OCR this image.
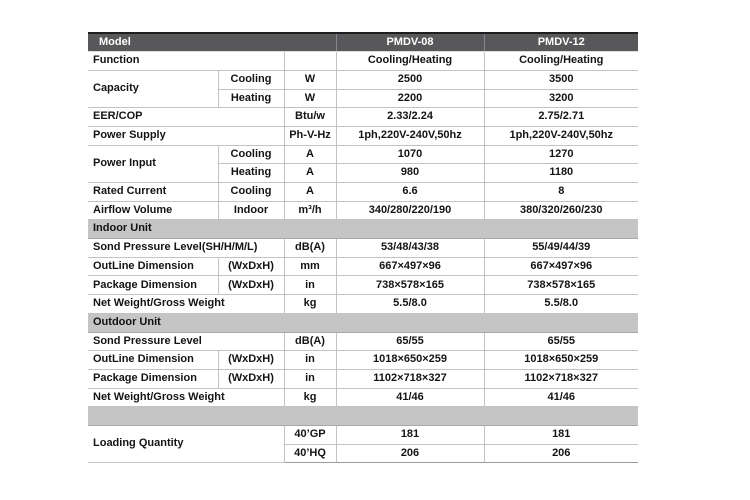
Model			PMDV-08	PMDV-12
Function			Cooling/Heating	Cooling/Heating
Capacity	Cooling	W	2500	3500
	Heating	W	2200	3200
EER/COP		Btu/w	2.33/2.24	2.75/2.71
Power Supply		Ph-V-Hz	1ph,220V-240V,50hz	1ph,220V-240V,50hz
Power Input	Cooling	A	1070	1270
	Heating	A	980	1180
Rated Current	Cooling	A	6.6	8
Airflow Volume	Indoor	m³/h	340/280/220/190	380/320/260/230
Indoor Unit				
Sond Pressure Level(SH/H/M/L)		dB(A)	53/48/43/38	55/49/44/39
OutLine Dimension	(WxDxH)	mm	667×497×96	667×497×96
Package Dimension	(WxDxH)	in	738×578×165	738×578×165
Net Weight/Gross Weight		kg	5.5/8.0	5.5/8.0
Outdoor Unit				
Sond Pressure Level		dB(A)	65/55	65/55
OutLine Dimension	(WxDxH)	in	1018×650×259	1018×650×259
Package Dimension	(WxDxH)	in	1102×718×327	1102×718×327
Net Weight/Gross Weight		kg	41/46	41/46

Loading Quantity		40’GP	181	181
		40’HQ	206	206
